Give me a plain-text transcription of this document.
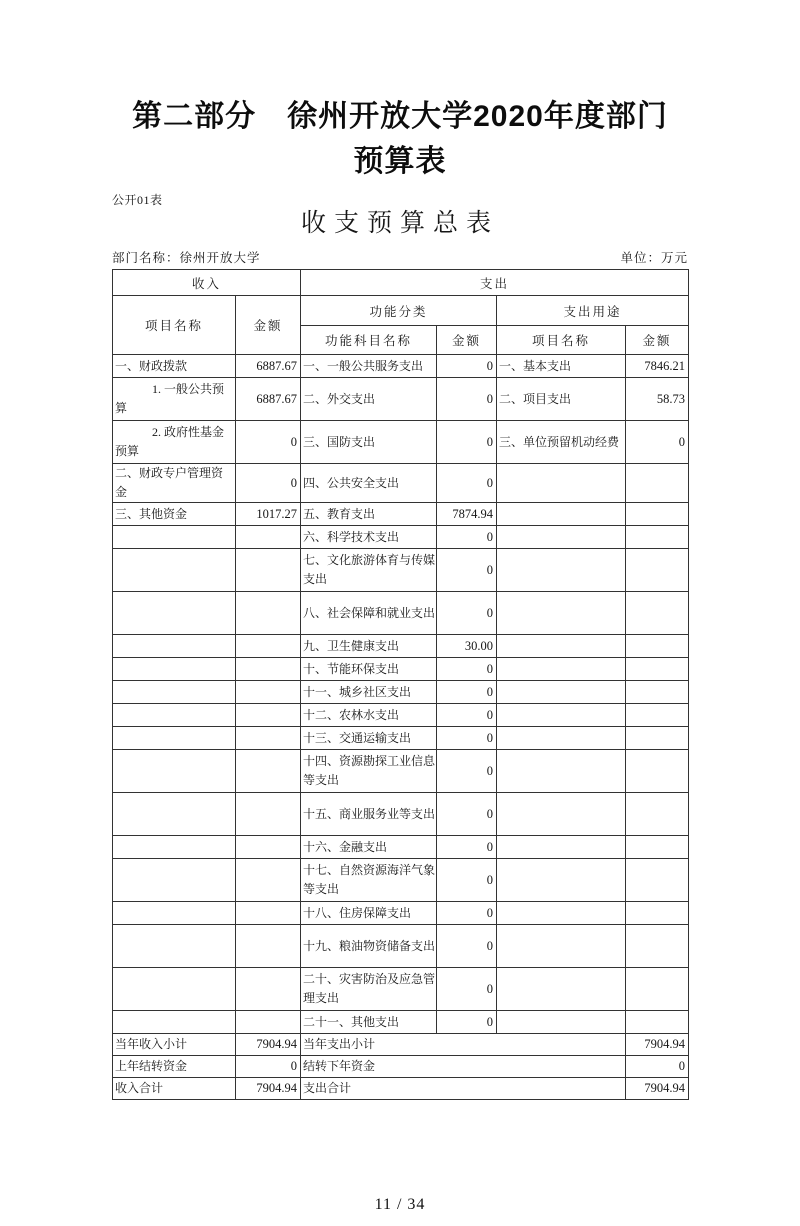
第二部分　徐州开放大学2020年度部门
预算表
公开01表
收支预算总表
部门名称：徐州开放大学	单位：万元
收入		支出			
项目名称	金额	功能分类		支出用途	
		功能科目名称	金额	项目名称	金额
一、财政拨款	6887.67	一、一般公共服务支出	0	一、基本支出	7846.21
1. 一般公共预算	6887.67	二、外交支出	0	二、项目支出	58.73
2. 政府性基金预算	0	三、国防支出	0	三、单位预留机动经费	0
二、财政专户管理资金	0	四、公共安全支出	0		
三、其他资金	1017.27	五、教育支出	7874.94		
		六、科学技术支出	0		
		七、文化旅游体育与传媒支出	0		
		八、社会保障和就业支出	0		
		九、卫生健康支出	30.00		
		十、节能环保支出	0		
		十一、城乡社区支出	0		
		十二、农林水支出	0		
		十三、交通运输支出	0		
		十四、资源勘探工业信息等支出	0		
		十五、商业服务业等支出	0		
		十六、金融支出	0		
		十七、自然资源海洋气象等支出	0		
		十八、住房保障支出	0		
		十九、粮油物资储备支出	0		
		二十、灾害防治及应急管理支出	0		
		二十一、其他支出	0		
当年收入小计	7904.94	当年支出小计			7904.94
上年结转资金	0	结转下年资金			0
收入合计	7904.94	支出合计			7904.94
11 / 34
